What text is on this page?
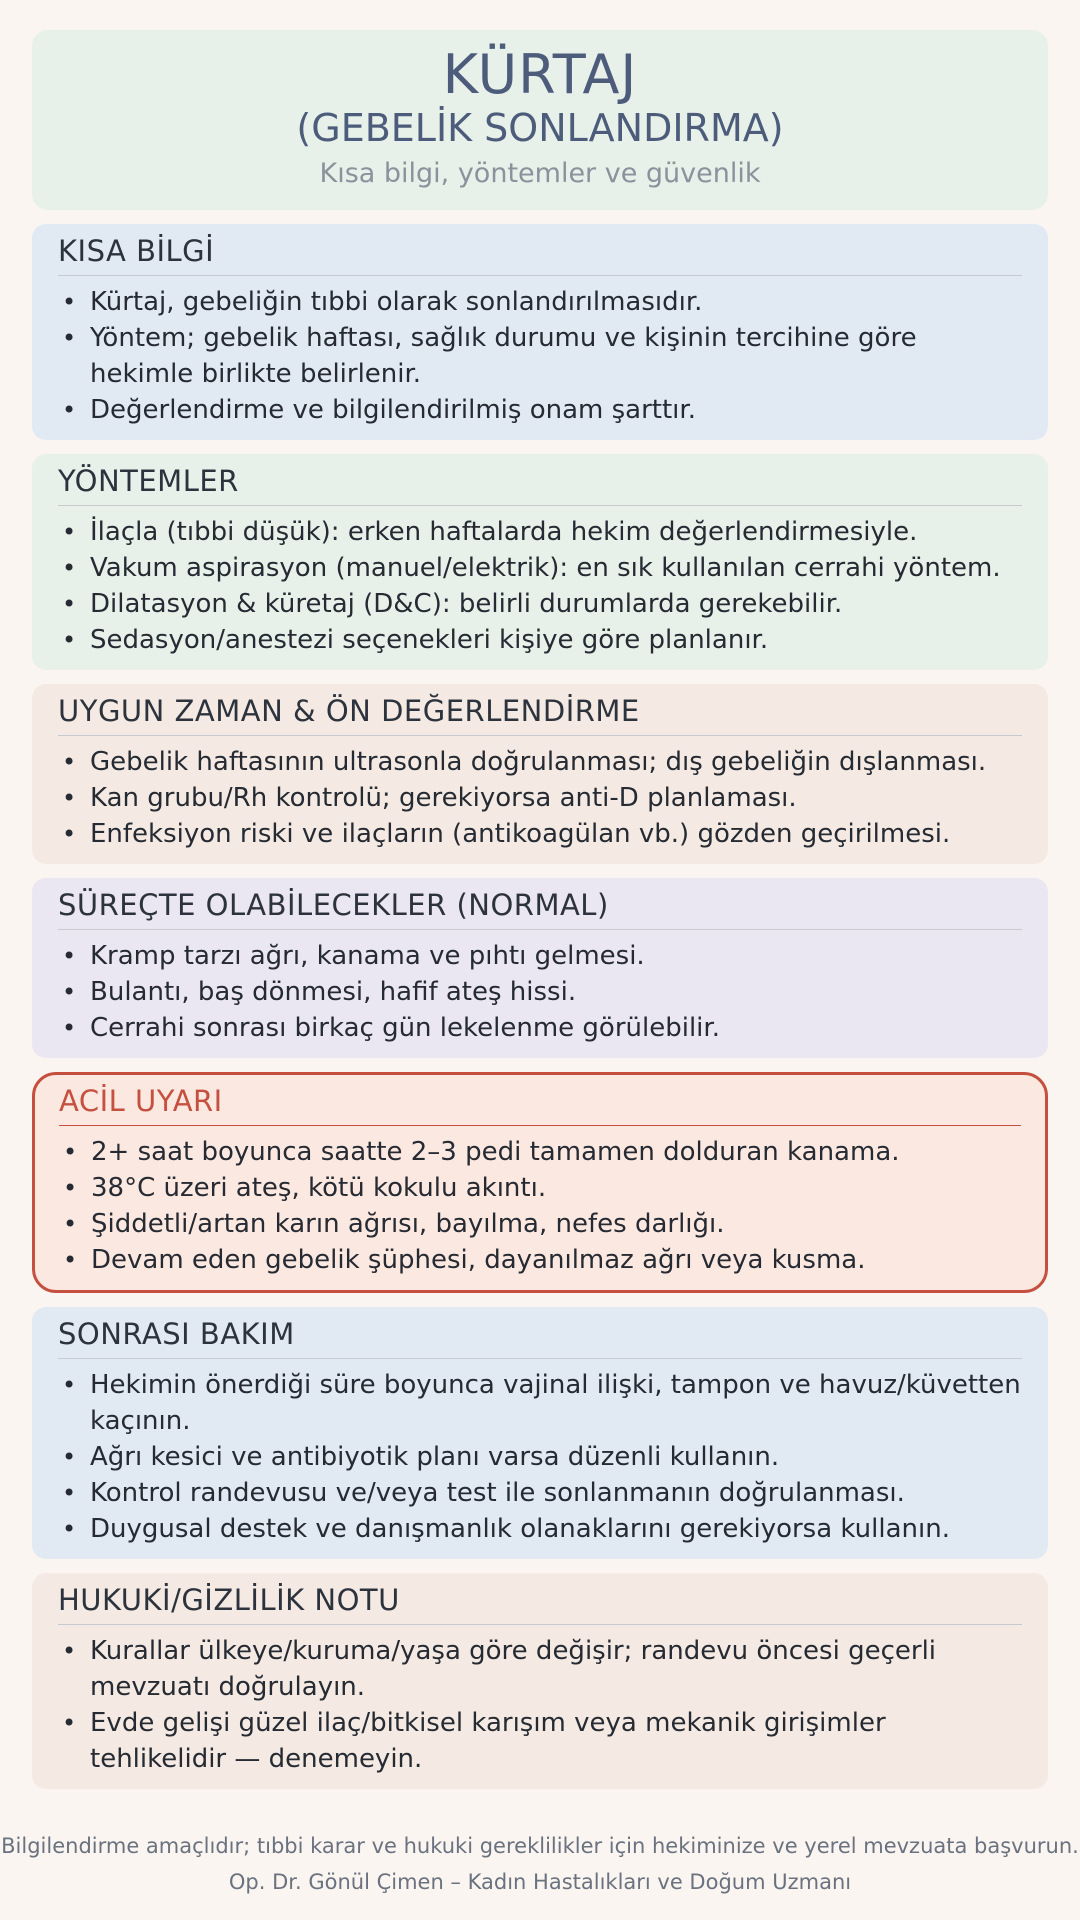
KÜRTAJ
(GEBELİK SONLANDIRMA)
Kısa bilgi, yöntemler ve güvenlik
KISA BİLGİ
• Kürtaj, gebeliğin tıbbi olarak sonlandırılmasıdır.
• Yöntem; gebelik haftası, sağlık durumu ve kişinin tercihine göre hekimle birlikte belirlenir.
• Değerlendirme ve bilgilendirilmiş onam şarttır.
YÖNTEMLER
• İlaçla (tıbbi düşük): erken haftalarda hekim değerlendirmesiyle.
• Vakum aspirasyon (manuel/elektrik): en sık kullanılan cerrahi yöntem.
• Dilatasyon & küretaj (D&C): belirli durumlarda gerekebilir.
• Sedasyon/anestezi seçenekleri kişiye göre planlanır.
UYGUN ZAMAN & ÖN DEĞERLENDİRME
• Gebelik haftasının ultrasonla doğrulanması; dış gebeliğin dışlanması.
• Kan grubu/Rh kontrolü; gerekiyorsa anti-D planlaması.
• Enfeksiyon riski ve ilaçların (antikoagülan vb.) gözden geçirilmesi.
SÜREÇTE OLABİLECEKLER (NORMAL)
• Kramp tarzı ağrı, kanama ve pıhtı gelmesi.
• Bulantı, baş dönmesi, hafif ateş hissi.
• Cerrahi sonrası birkaç gün lekelenme görülebilir.
ACİL UYARI
• 2+ saat boyunca saatte 2–3 pedi tamamen dolduran kanama.
• 38°C üzeri ateş, kötü kokulu akıntı.
• Şiddetli/artan karın ağrısı, bayılma, nefes darlığı.
• Devam eden gebelik şüphesi, dayanılmaz ağrı veya kusma.
SONRASI BAKIM
• Hekimin önerdiği süre boyunca vajinal ilişki, tampon ve havuz/küvetten kaçının.
• Ağrı kesici ve antibiyotik planı varsa düzenli kullanın.
• Kontrol randevusu ve/veya test ile sonlanmanın doğrulanması.
• Duygusal destek ve danışmanlık olanaklarını gerekiyorsa kullanın.
HUKUKİ/GİZLİLİK NOTU
• Kurallar ülkeye/kuruma/yaşa göre değişir; randevu öncesi geçerli mevzuatı doğrulayın.
• Evde gelişi güzel ilaç/bitkisel karışım veya mekanik girişimler tehlikelidir — denemeyin.

Bilgilendirme amaçlıdır; tıbbi karar ve hukuki gereklilikler için hekiminize ve yerel mevzuata başvurun.

Op. Dr. Gönül Çimen – Kadın Hastalıkları ve Doğum Uzmanı
